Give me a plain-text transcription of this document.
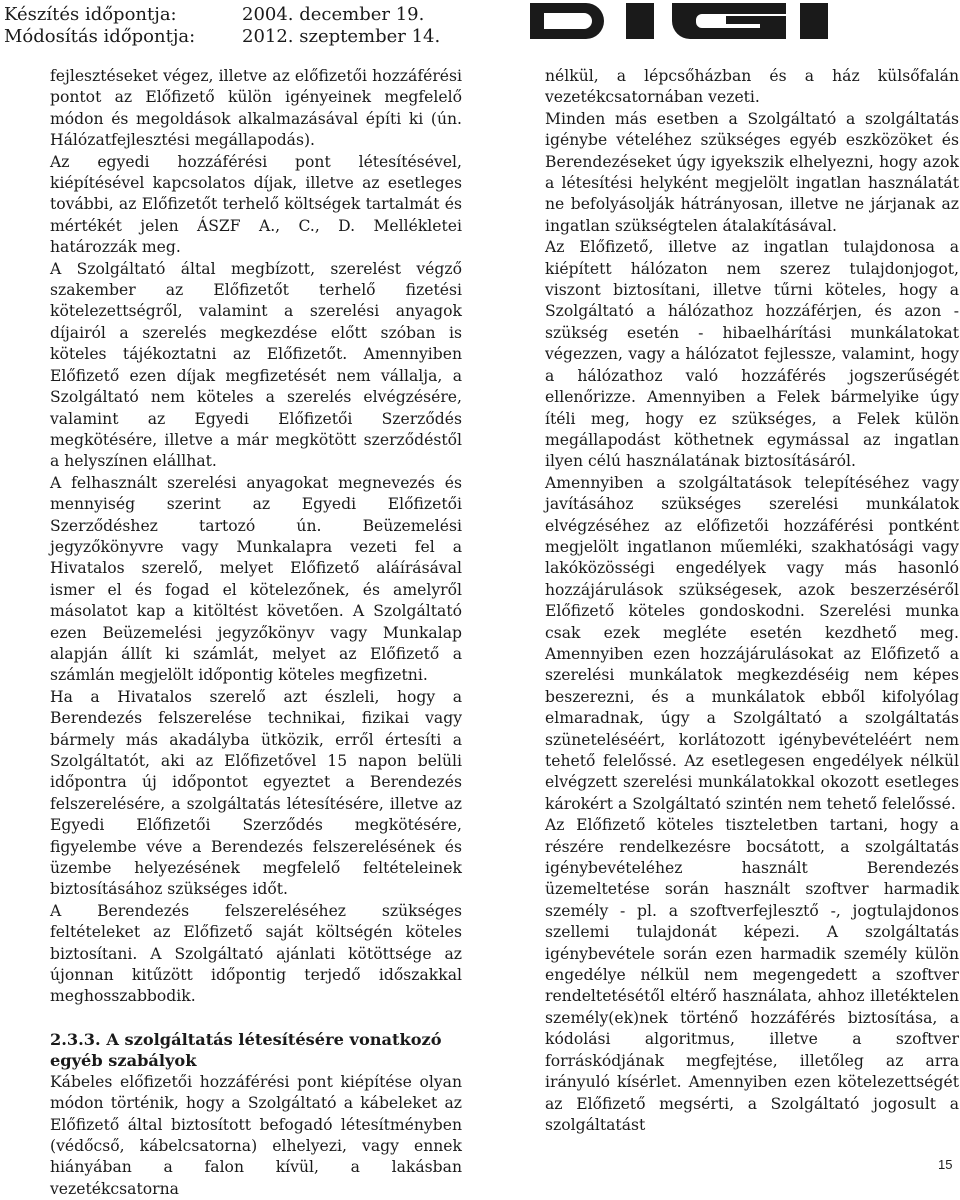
Készítés időpontja:	2004. december 19.
Módosítás időpontja:	2012. szeptember 14.

fejlesztéseket végez, illetve az előfizetői hozzáférési pontot az Előfizető külön igényeinek megfelelő módon és megoldások alkalmazásával építi ki (ún. Hálózatfejlesztési megállapodás).

Az egyedi hozzáférési pont létesítésével, kiépítésével kapcsolatos díjak, illetve az esetleges további, az Előfizetőt terhelő költségek tartalmát és mértékét jelen ÁSZF A., C., D. Mellékletei határozzák meg.

A Szolgáltató által megbízott, szerelést végző szakember az Előfizetőt terhelő fizetési kötelezettségről, valamint a szerelési anyagok díjairól a szerelés megkezdése előtt szóban is köteles tájékoztatni az Előfizetőt. Amennyiben Előfizető ezen díjak megfizetését nem vállalja, a Szolgáltató nem köteles a szerelés elvégzésére, valamint az Egyedi Előfizetői Szerződés megkötésére, illetve a már megkötött szerződéstől a helyszínen elállhat.

A felhasznált szerelési anyagokat megnevezés és mennyiség szerint az Egyedi Előfizetői Szerződéshez tartozó ún. Beüzemelési jegyzőkönyvre vagy Munkalapra vezeti fel a Hivatalos szerelő, melyet Előfizető aláírásával ismer el és fogad el kötelezőnek, és amelyről másolatot kap a kitöltést követően. A Szolgáltató ezen Beüzemelési jegyzőkönyv vagy Munkalap alapján állít ki számlát, melyet az Előfizető a számlán megjelölt időpontig köteles megfizetni.

Ha a Hivatalos szerelő azt észleli, hogy a Berendezés felszerelése technikai, fizikai vagy bármely más akadályba ütközik, erről értesíti a Szolgáltatót, aki az Előfizetővel 15 napon belüli időpontra új időpontot egyeztet a Berendezés felszerelésére, a szolgáltatás létesítésére, illetve az Egyedi Előfizetői Szerződés megkötésére, figyelembe véve a Berendezés felszerelésének és üzembe helyezésének megfelelő feltételeinek biztosításához szükséges időt.

A Berendezés felszereléséhez szükséges feltételeket az Előfizető saját költségén köteles biztosítani. A Szolgáltató ajánlati kötöttsége az újonnan kitűzött időpontig terjedő időszakkal meghosszabbodik.

2.3.3. A szolgáltatás létesítésére vonatkozó egyéb szabályok

Kábeles előfizetői hozzáférési pont kiépítése olyan módon történik, hogy a Szolgáltató a kábeleket az Előfizető által biztosított befogadó létesítményben (védőcső, kábelcsatorna) elhelyezi, vagy ennek hiányában a falon kívül, a lakásban vezetékcsatorna

nélkül, a lépcsőházban és a ház külsőfalán vezetékcsatornában vezeti.

Minden más esetben a Szolgáltató a szolgáltatás igénybe vételéhez szükséges egyéb eszközöket és Berendezéseket úgy igyekszik elhelyezni, hogy azok a létesítési helyként megjelölt ingatlan használatát ne befolyásolják hátrányosan, illetve ne járjanak az ingatlan szükségtelen átalakításával.

Az Előfizető, illetve az ingatlan tulajdonosa a kiépített hálózaton nem szerez tulajdonjogot, viszont biztosítani, illetve tűrni köteles, hogy a Szolgáltató a hálózathoz hozzáférjen, és azon - szükség esetén - hibaelhárítási munkálatokat végezzen, vagy a hálózatot fejlessze, valamint, hogy a hálózathoz való hozzáférés jogszerűségét ellenőrizze. Amennyiben a Felek bármelyike úgy ítéli meg, hogy ez szükséges, a Felek külön megállapodást köthetnek egymással az ingatlan ilyen célú használatának biztosításáról.

Amennyiben a szolgáltatások telepítéséhez vagy javításához szükséges szerelési munkálatok elvégzéséhez az előfizetői hozzáférési pontként megjelölt ingatlanon műemléki, szakhatósági vagy lakóközösségi engedélyek vagy más hasonló hozzájárulások szükségesek, azok beszerzéséről Előfizető köteles gondoskodni. Szerelési munka csak ezek megléte esetén kezdhető meg. Amennyiben ezen hozzájárulásokat az Előfizető a szerelési munkálatok megkezdéséig nem képes beszerezni, és a munkálatok ebből kifolyólag elmaradnak, úgy a Szolgáltató a szolgáltatás szüneteléséért, korlátozott igénybevételéért nem tehető felelőssé. Az esetlegesen engedélyek nélkül elvégzett szerelési munkálatokkal okozott esetleges károkért a Szolgáltató szintén nem tehető felelőssé.

Az Előfizető köteles tiszteletben tartani, hogy a részére rendelkezésre bocsátott, a szolgáltatás igénybevételéhez használt Berendezés üzemeltetése során használt szoftver harmadik személy - pl. a szoftverfejlesztő -, jogtulajdonos szellemi tulajdonát képezi. A szolgáltatás igénybevétele során ezen harmadik személy külön engedélye nélkül nem megengedett a szoftver rendeltetésétől eltérő használata, ahhoz illetéktelen személy(ek)nek történő hozzáférés biztosítása, a kódolási algoritmus, illetve a szoftver forráskódjának megfejtése, illetőleg az arra irányuló kísérlet. Amennyiben ezen kötelezettségét az Előfizető megsérti, a Szolgáltató jogosult a szolgáltatást

15
